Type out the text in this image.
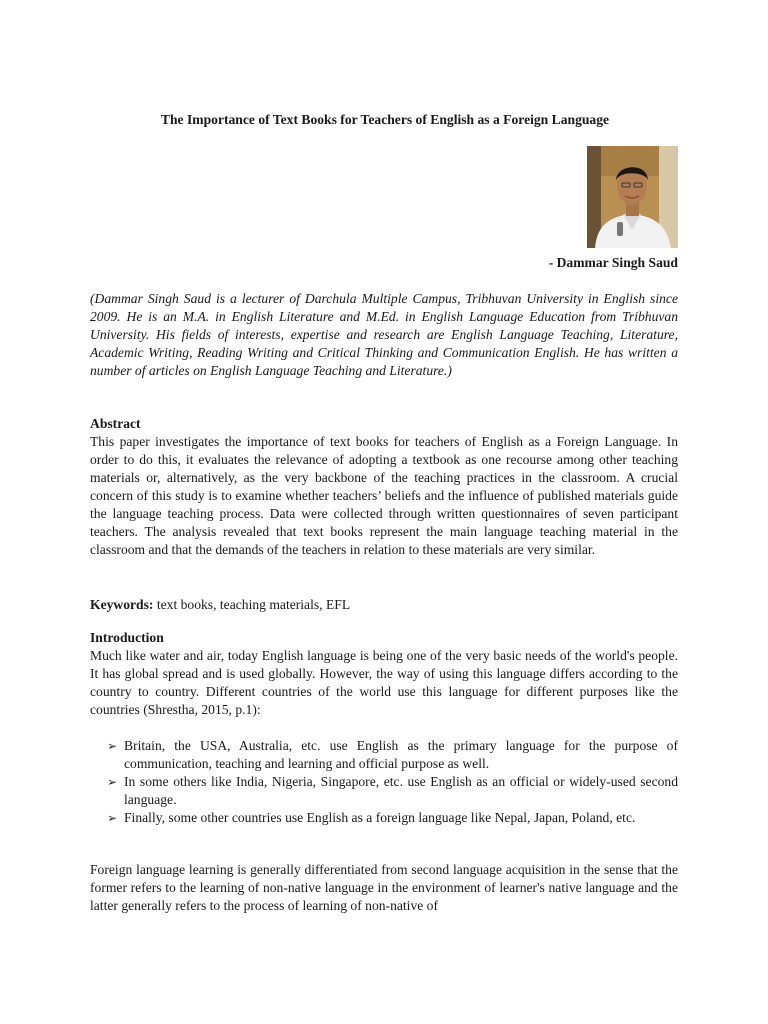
The Importance of Text Books for Teachers of English as a Foreign Language

- Dammar Singh Saud

(Dammar Singh Saud is a lecturer of Darchula Multiple Campus, Tribhuvan University in English since 2009. He is an M.A. in English Literature and M.Ed. in English Language Education from Tribhuvan University. His fields of interests, expertise and research are English Language Teaching, Literature, Academic Writing, Reading Writing and Critical Thinking and Communication English. He has written a number of articles on English Language Teaching and Literature.)

Abstract

This paper investigates the importance of text books for teachers of English as a Foreign Language. In order to do this, it evaluates the relevance of adopting a textbook as one recourse among other teaching materials or, alternatively, as the very backbone of the teaching practices in the classroom. A crucial concern of this study is to examine whether teachers’ beliefs and the influence of published materials guide the language teaching process. Data were collected through written questionnaires of seven participant teachers. The analysis revealed that text books represent the main language teaching material in the classroom and that the demands of the teachers in relation to these materials are very similar.

Keywords: text books, teaching materials, EFL

Introduction

Much like water and air, today English language is being one of the very basic needs of the world's people. It has global spread and is used globally. However, the way of using this language differs according to the country to country. Different countries of the world use this language for different purposes like the countries (Shrestha, 2015, p.1):

➢ Britain, the USA, Australia, etc. use English as the primary language for the purpose of communication, teaching and learning and official purpose as well.
➢ In some others like India, Nigeria, Singapore, etc. use English as an official or widely-used second language.
➢ Finally, some other countries use English as a foreign language like Nepal, Japan, Poland, etc.

Foreign language learning is generally differentiated from second language acquisition in the sense that the former refers to the learning of non-native language in the environment of learner's native language and the latter generally refers to the process of learning of non-native of
